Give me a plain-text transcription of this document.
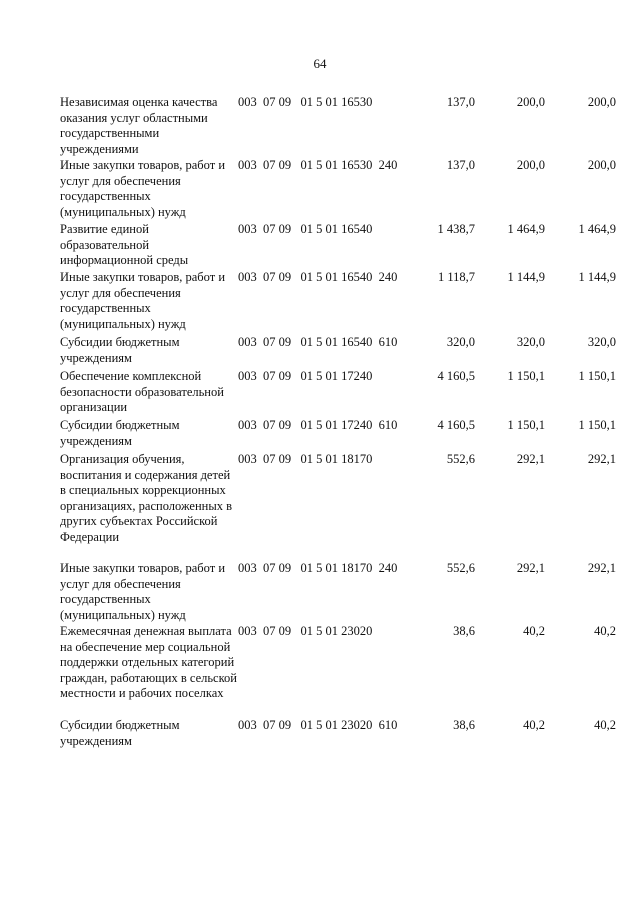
64
Независимая оценка качества оказания услуг областными государственными учреждениями
003  07 09   01 5 01 16530	137,0	200,0	200,0
Иные закупки товаров, работ и услуг для обеспечения государственных (муниципальных) нужд
003  07 09   01 5 01 16530  240	137,0	200,0	200,0
Развитие единой образовательной информационной среды
003  07 09   01 5 01 16540	1 438,7	1 464,9	1 464,9
Иные закупки товаров, работ и услуг для обеспечения государственных (муниципальных) нужд
003  07 09   01 5 01 16540  240	1 118,7	1 144,9	1 144,9
Субсидии бюджетным учреждениям
003  07 09   01 5 01 16540  610	320,0	320,0	320,0
Обеспечение комплексной безопасности образовательной организации
003  07 09   01 5 01 17240	4 160,5	1 150,1	1 150,1
Субсидии бюджетным учреждениям
003  07 09   01 5 01 17240  610	4 160,5	1 150,1	1 150,1
Организация обучения, воспитания и содержания детей в специальных коррекционных организациях, расположенных в других субъектах Российской Федерации
003  07 09   01 5 01 18170	552,6	292,1	292,1
Иные закупки товаров, работ и услуг для обеспечения государственных (муниципальных) нужд
003  07 09   01 5 01 18170  240	552,6	292,1	292,1
Ежемесячная денежная выплата на обеспечение мер социальной поддержки отдельных категорий граждан, работающих в сельской местности и рабочих поселках
003  07 09   01 5 01 23020	38,6	40,2	40,2
Субсидии бюджетным учреждениям
003  07 09   01 5 01 23020  610	38,6	40,2	40,2
